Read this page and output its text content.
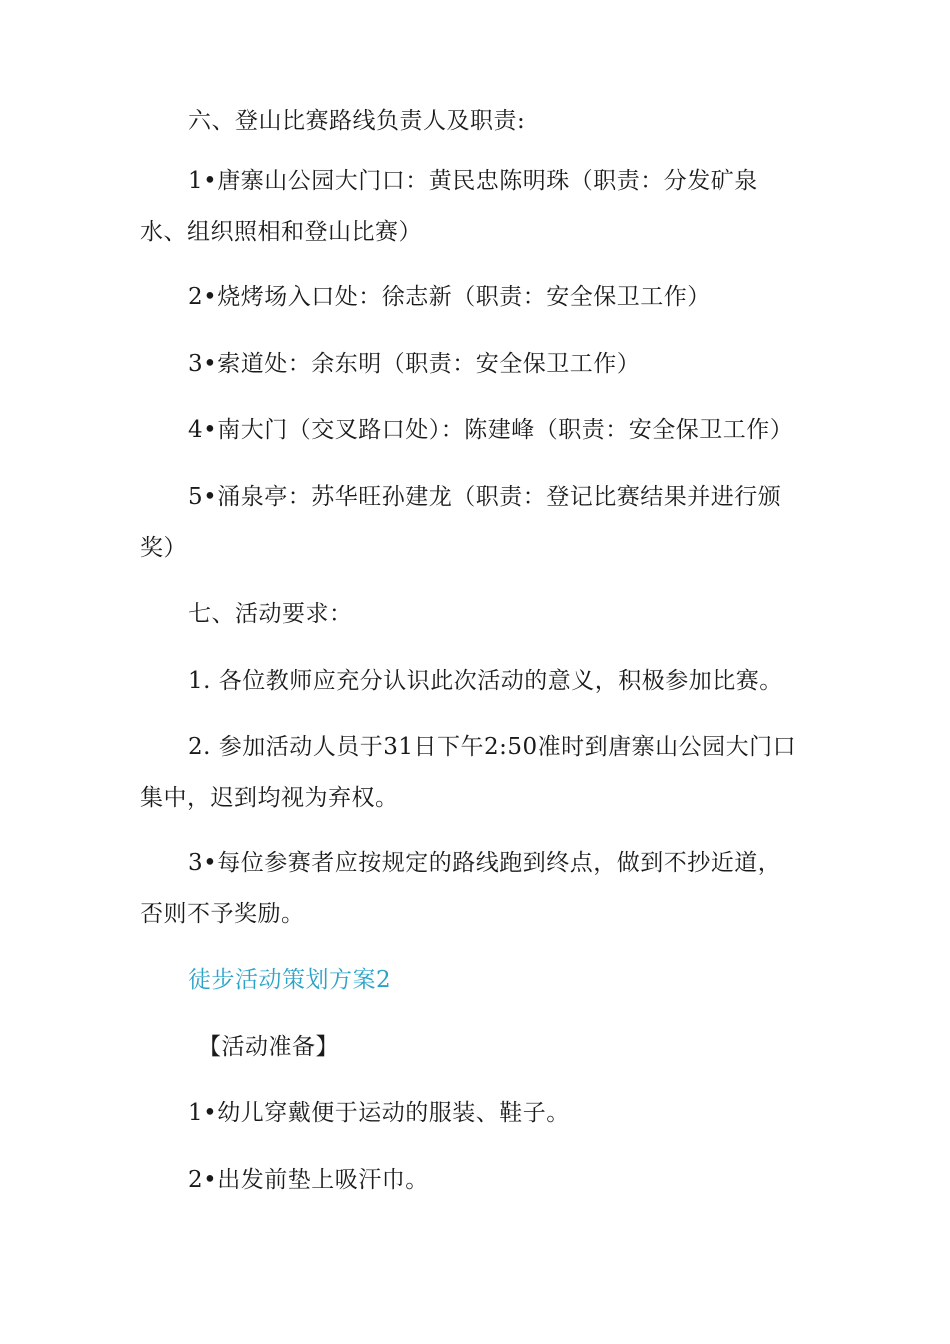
六、登山比赛路线负责人及职责:

1•唐寨山公园大门口：黄民忠陈明珠（职责：分发矿泉水、组织照相和登山比赛）

2•烧烤场入口处：徐志新（职责：安全保卫工作）

3•索道处：余东明（职责：安全保卫工作）

4•南大门（交叉路口处）：陈建峰（职责：安全保卫工作）

5•涌泉亭：苏华旺孙建龙（职责：登记比赛结果并进行颁奖）

七、活动要求：

1. 各位教师应充分认识此次活动的意义，积极参加比赛。

2. 参加活动人员于31日下午2:50准时到唐寨山公园大门口集中，迟到均视为弃权。

3•每位参赛者应按规定的路线跑到终点，做到不抄近道，否则不予奖励。

徒步活动策划方案2

【活动准备】

1•幼儿穿戴便于运动的服装、鞋子。

2•出发前垫上吸汗巾。
